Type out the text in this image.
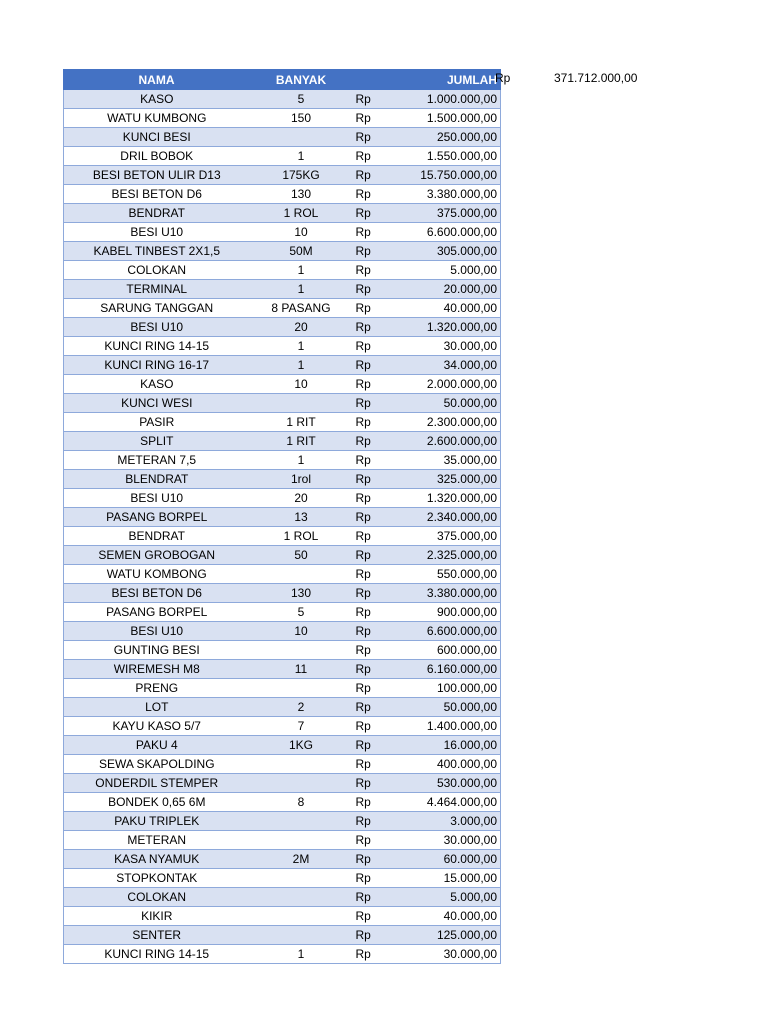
NAMA	BANYAK		JUMLAH
KASO	5	Rp	1.000.000,00
WATU KUMBONG	150	Rp	1.500.000,00
KUNCI BESI		Rp	250.000,00
DRIL BOBOK	1	Rp	1.550.000,00
BESI BETON ULIR D13	175KG	Rp	15.750.000,00
BESI BETON D6	130	Rp	3.380.000,00
BENDRAT	1 ROL	Rp	375.000,00
BESI U10	10	Rp	6.600.000,00
KABEL TINBEST 2X1,5	50M	Rp	305.000,00
COLOKAN	1	Rp	5.000,00
TERMINAL	1	Rp	20.000,00
SARUNG TANGGAN	8 PASANG	Rp	40.000,00
BESI U10	20	Rp	1.320.000,00
KUNCI RING 14-15	1	Rp	30.000,00
KUNCI RING 16-17	1	Rp	34.000,00
KASO	10	Rp	2.000.000,00
KUNCI WESI		Rp	50.000,00
PASIR	1 RIT	Rp	2.300.000,00
SPLIT	1 RIT	Rp	2.600.000,00
METERAN 7,5	1	Rp	35.000,00
BLENDRAT	1rol	Rp	325.000,00
BESI U10	20	Rp	1.320.000,00
PASANG BORPEL	13	Rp	2.340.000,00
BENDRAT	1 ROL	Rp	375.000,00
SEMEN GROBOGAN	50	Rp	2.325.000,00
WATU KOMBONG		Rp	550.000,00
BESI BETON D6	130	Rp	3.380.000,00
PASANG BORPEL	5	Rp	900.000,00
BESI U10	10	Rp	6.600.000,00
GUNTING BESI		Rp	600.000,00
WIREMESH M8	11	Rp	6.160.000,00
PRENG		Rp	100.000,00
LOT	2	Rp	50.000,00
KAYU KASO 5/7	7	Rp	1.400.000,00
PAKU 4	1KG	Rp	16.000,00
SEWA SKAPOLDING		Rp	400.000,00
ONDERDIL STEMPER		Rp	530.000,00
BONDEK 0,65 6M	8	Rp	4.464.000,00
PAKU TRIPLEK		Rp	3.000,00
METERAN		Rp	30.000,00
KASA NYAMUK	2M	Rp	60.000,00
STOPKONTAK		Rp	15.000,00
COLOKAN		Rp	5.000,00
KIKIR		Rp	40.000,00
SENTER		Rp	125.000,00
KUNCI RING 14-15	1	Rp	30.000,00
Rp	371.712.000,00
